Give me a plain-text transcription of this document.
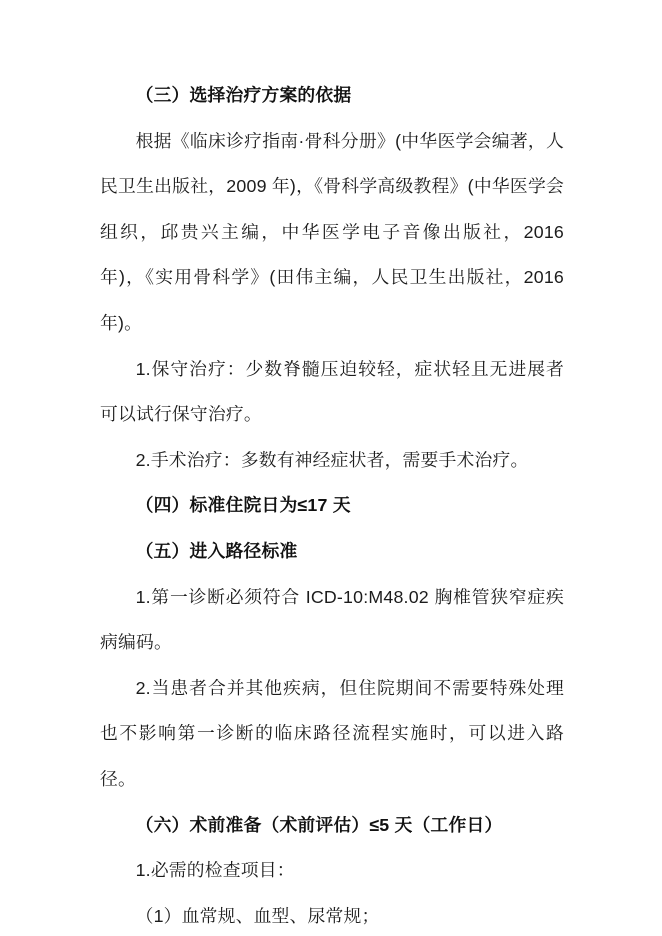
（三）选择治疗方案的依据

根据《临床诊疗指南·骨科分册》(中华医学会编著，人民卫生出版社，2009 年)，《骨科学高级教程》(中华医学会组织，邱贵兴主编，中华医学电子音像出版社，2016 年)，《实用骨科学》(田伟主编，人民卫生出版社，2016 年)。

1.保守治疗：少数脊髓压迫较轻，症状轻且无进展者可以试行保守治疗。

2.手术治疗：多数有神经症状者，需要手术治疗。

（四）标准住院日为≤17 天

（五）进入路径标准

1.第一诊断必须符合 ICD-10:M48.02 胸椎管狭窄症疾病编码。

2.当患者合并其他疾病，但住院期间不需要特殊处理也不影响第一诊断的临床路径流程实施时，可以进入路径。

（六）术前准备（术前评估）≤5 天（工作日）

1.必需的检查项目：

（1）血常规、血型、尿常规；
